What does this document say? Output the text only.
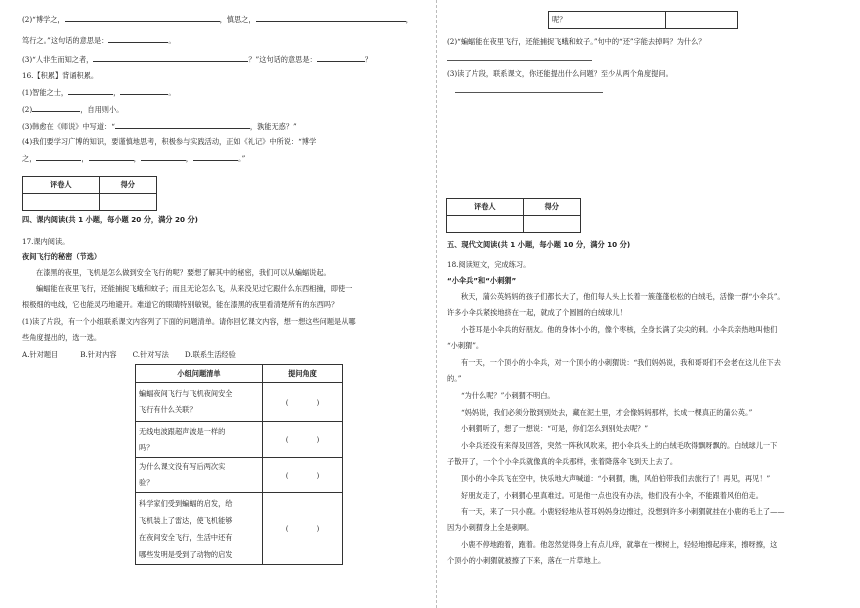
(2)“博学之，	，慎思之，	，
笃行之。”这句话的意思是：	。
(3)“人非生而知之者，	？”这句话的意思是：	？
16.【积累】背诵积累。
(1)智能之士，	，	。
(2)	，自用则小。
(3)韩愈在《师说》中写道：“	，孰能无惑？”
(4)我们要学习广博的知识，要谨慎地思考，积极参与实践活动，正如《礼记》中所说：“博学
之，	，	，	，	。”
评卷人	得分

四、课内阅读(共 1 小题，每小题 20 分，满分 20 分)
17.课内阅读。
夜间飞行的秘密（节选）
在漆黑的夜里，飞机是怎么做到安全飞行的呢？要想了解其中的秘密，我们可以从蝙蝠说起。
蝙蝠能在夜里飞行，还能捕捉飞蛾和蚊子；而且无论怎么飞，从来没见过它跟什么东西相撞，即使一
根极细的电线，它也能灵巧地避开。难道它的眼睛特别敏锐，能在漆黑的夜里看清楚所有的东西吗？
(1)读了片段，有一个小组联系课文内容列了下面的问题清单。请你回忆课文内容，想一想这些问题是从哪
些角度提出的，选一选。
A.针对题目	B.针对内容 C.针对写法 D.联系生活经验
小组问题清单	提问角度

蝙蝠夜间飞行与飞机夜间安全
飞行有什么关联？	( )

无线电波跟超声波是一样的
吗？	( )

为什么课文没有写后两次实
验？	( )

科学家们受到蝙蝠的启发，给
飞机装上了雷达，使飞机能够
在夜间安全飞行，生活中还有
哪些发明是受到了动物的启发	( )
呢？	
(2)“蝙蝠能在夜里飞行，还能捕捉飞蛾和蚊子。”句中的“还”字能去掉吗？为什么？
(3)读了片段，联系课文，你还能提出什么问题？至少从两个角度提问。
评卷人	得分

五、现代文阅读(共 1 小题，每小题 10 分，满分 10 分)
18.阅读短文，完成练习。
“小伞兵”和“小刺猬”
秋天，蒲公英妈妈的孩子们都长大了，他们每人头上长着一簇蓬蓬松松的白绒毛，活像一群“小伞兵”。
许多小伞兵紧挨地挤在一起，就成了个圆圆的白绒球儿！
小苍耳是小伞兵的好朋友。他的身体小小的，像个枣核，全身长满了尖尖的刺。小伞兵亲热地叫他们
“小刺猬”。
有一天，一个顶小的小伞兵，对一个顶小的小刺猬说：“我们妈妈说，我和哥哥们不会老在这儿住下去
的。”
“为什么呢？”小刺猬不明白。
“妈妈说，我们必须分散到别处去，藏在泥土里，才会像妈妈那样，长成一棵真正的蒲公英。”
小刺猬听了，想了一想说：“可是，你们怎么到别处去呢？”
小伞兵还没有来得及回答，突然一阵秋风吹来，把小伞兵头上的白绒毛吹得飘呀飘的。白绒球儿一下
子散开了，一个个小伞兵就像真的伞兵那样，张着降落伞飞到天上去了。
顶小的小伞兵飞在空中，快乐地大声喊道：“小刺猬，瞧，风伯伯带我们去旅行了！再见，再见！”
好朋友走了，小刺猬心里真难过。可是他一点也没有办法，他们没有小伞，不能跟着风伯伯走。
有一天，来了一只小鹿。小鹿轻轻地从苍耳妈妈身边擦过，没想到许多小刺猬就挂在小鹿的毛上了——
因为小刺猬身上全是刺啊。
小鹿不停地跑着，跑着。他忽然觉得身上有点儿痒，就靠在一棵树上，轻轻地擦起痒来，擦呀擦，这
个顶小的小刺猬就被擦了下来，落在一片草地上。
